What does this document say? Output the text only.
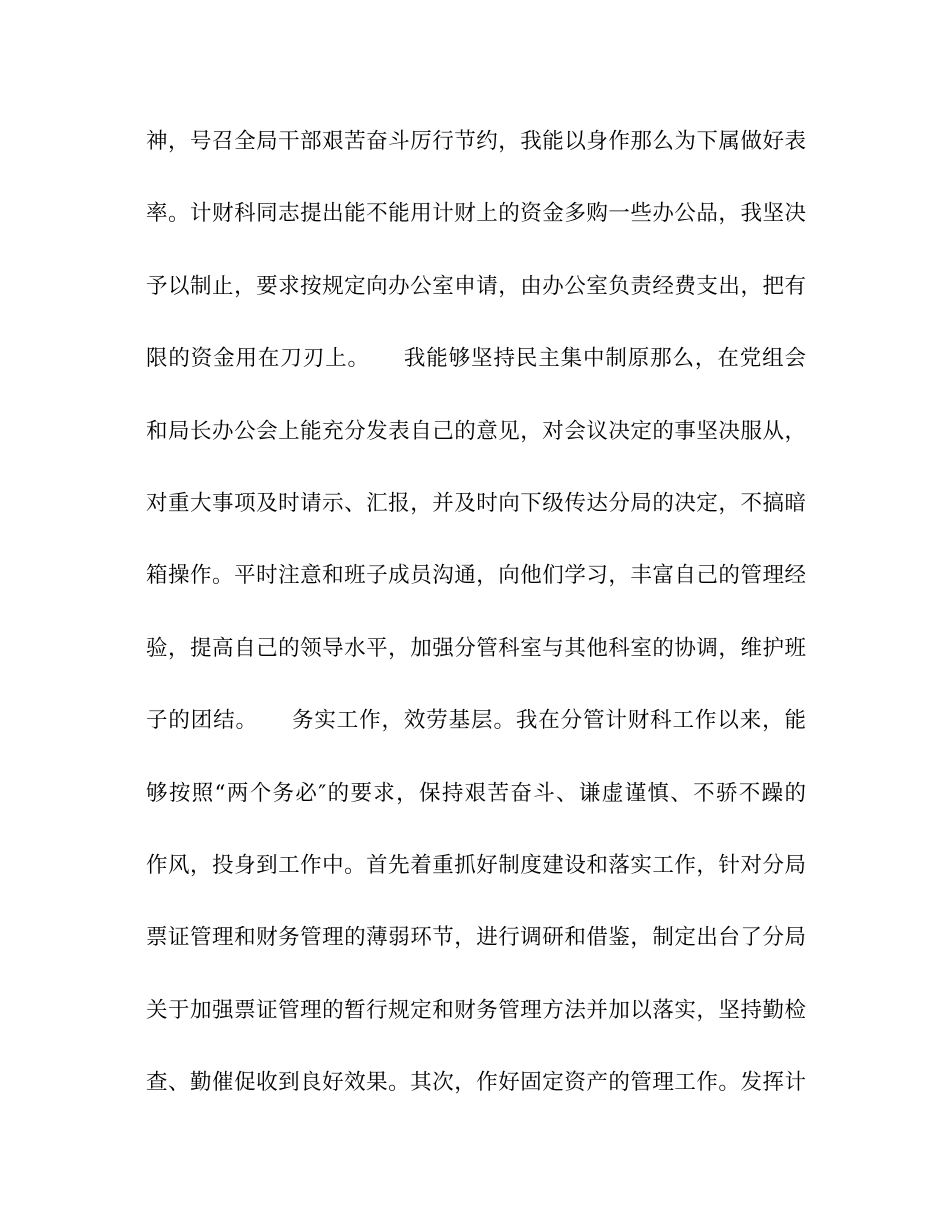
神，号召全局干部艰苦奋斗厉行节约，我能以身作那么为下属做好表
率。计财科同志提出能不能用计财上的资金多购一些办公品，我坚决
予以制止，要求按规定向办公室申请，由办公室负责经费支出，把有
限的资金用在刀刃上。　　我能够坚持民主集中制原那么，在党组会
和局长办公会上能充分发表自己的意见，对会议决定的事坚决服从，
对重大事项及时请示、汇报，并及时向下级传达分局的决定，不搞暗
箱操作。平时注意和班子成员沟通，向他们学习，丰富自己的管理经
验，提高自己的领导水平，加强分管科室与其他科室的协调，维护班
子的团结。　　务实工作，效劳基层。我在分管计财科工作以来，能
够按照“两个务必″的要求，保持艰苦奋斗、谦虚谨慎、不骄不躁的
作风，投身到工作中。首先着重抓好制度建设和落实工作，针对分局
票证管理和财务管理的薄弱环节，进行调研和借鉴，制定出台了分局
关于加强票证管理的暂行规定和财务管理方法并加以落实，坚持勤检
查、勤催促收到良好效果。其次，作好固定资产的管理工作。发挥计
